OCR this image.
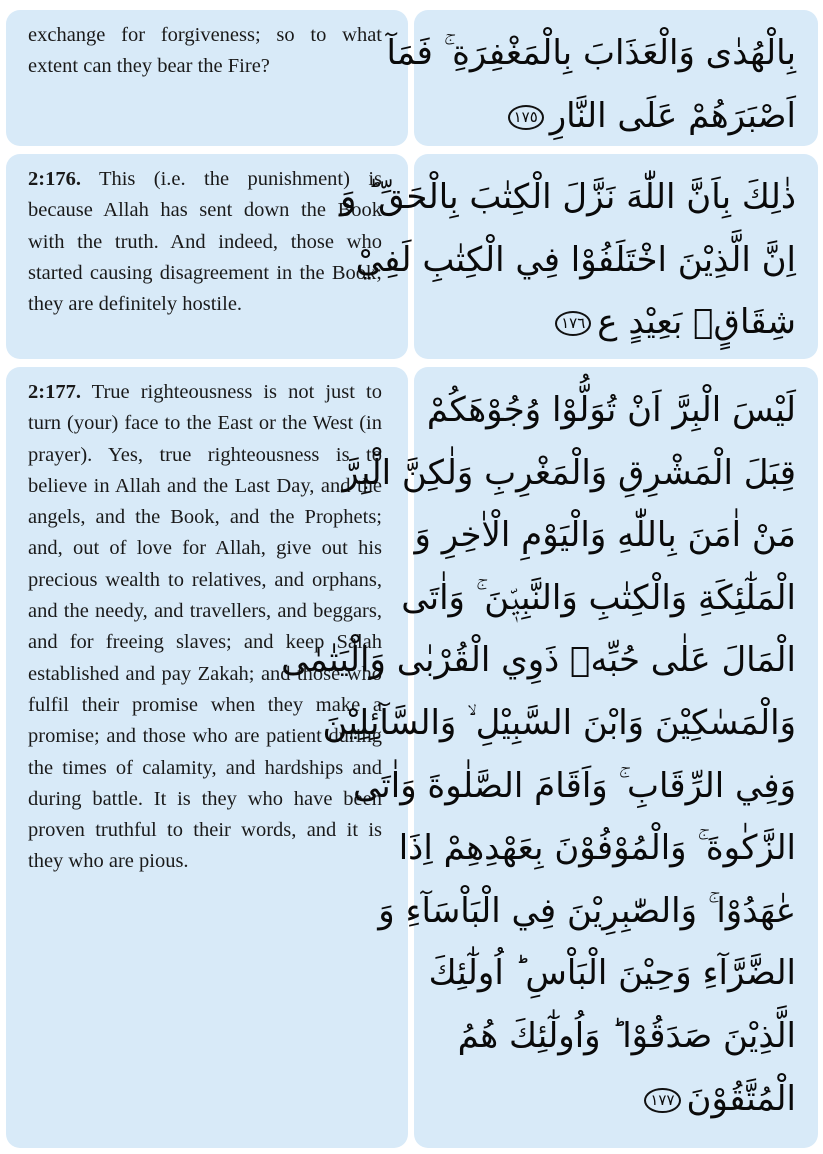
exchange for forgiveness; so to what extent can they bear the Fire?	بِالْهُدٰى وَالْعَذَابَ بِالْمَغْفِرَةِ ۚ فَمَآ
اَصْبَرَهُمْ عَلَى النَّارِ١٧٥
2:176. This (i.e. the punishment) is because Allah has sent down the Book with the truth. And indeed, those who started causing disagreement in the Book; they are definitely hostile.
ذٰلِكَ بِاَنَّ اللّٰهَ نَزَّلَ الْكِتٰبَ بِالْحَقِّ ؕ وَ
اِنَّ الَّذِيْنَ اخْتَلَفُوْا فِي الْكِتٰبِ لَفِيْ
شِقَاقٍۭ بَعِيْدٍ ع١٧٦
2:177. True righteousness is not just to turn (your) face to the East or the West (in prayer). Yes, true righteousness is to believe in Allah and the Last Day, and the angels, and the Book, and the Prophets; and, out of love for Allah, give out his precious wealth to relatives, and orphans, and the needy, and travellers, and beggars, and for freeing slaves; and keep Salah established and pay Zakah; and those who fulfil their promise when they make a promise; and those who are patient during the times of calamity, and hardships and during battle. It is they who have been proven truthful to their words, and it is they who are pious.
لَيْسَ الْبِرَّ اَنْ تُوَلُّوْا وُجُوْهَكُمْ
قِبَلَ الْمَشْرِقِ وَالْمَغْرِبِ وَلٰكِنَّ الْبِرَّ
مَنْ اٰمَنَ بِاللّٰهِ وَالْيَوْمِ الْاٰخِرِ وَ
الْمَلٰٓئِكَةِ وَالْكِتٰبِ وَالنَّبِيّٖنَ ۚ وَاٰتَى
الْمَالَ عَلٰى حُبِّهٖ ذَوِي الْقُرْبٰى وَالْيَتٰمٰى
وَالْمَسٰكِيْنَ وَابْنَ السَّبِيْلِ ۙ وَالسَّآئِلِيْنَ
وَفِي الرِّقَابِ ۚ وَاَقَامَ الصَّلٰوةَ وَاٰتَى
الزَّكٰوةَ ۚ وَالْمُوْفُوْنَ بِعَهْدِهِمْ اِذَا
عٰهَدُوْا ۚ وَالصّٰبِرِيْنَ فِي الْبَاْسَآءِ وَ
الضَّرَّآءِ وَحِيْنَ الْبَاْسِ ؕ اُولٰٓئِكَ
الَّذِيْنَ صَدَقُوْا ؕ وَاُولٰٓئِكَ هُمُ
الْمُتَّقُوْنَ١٧٧
